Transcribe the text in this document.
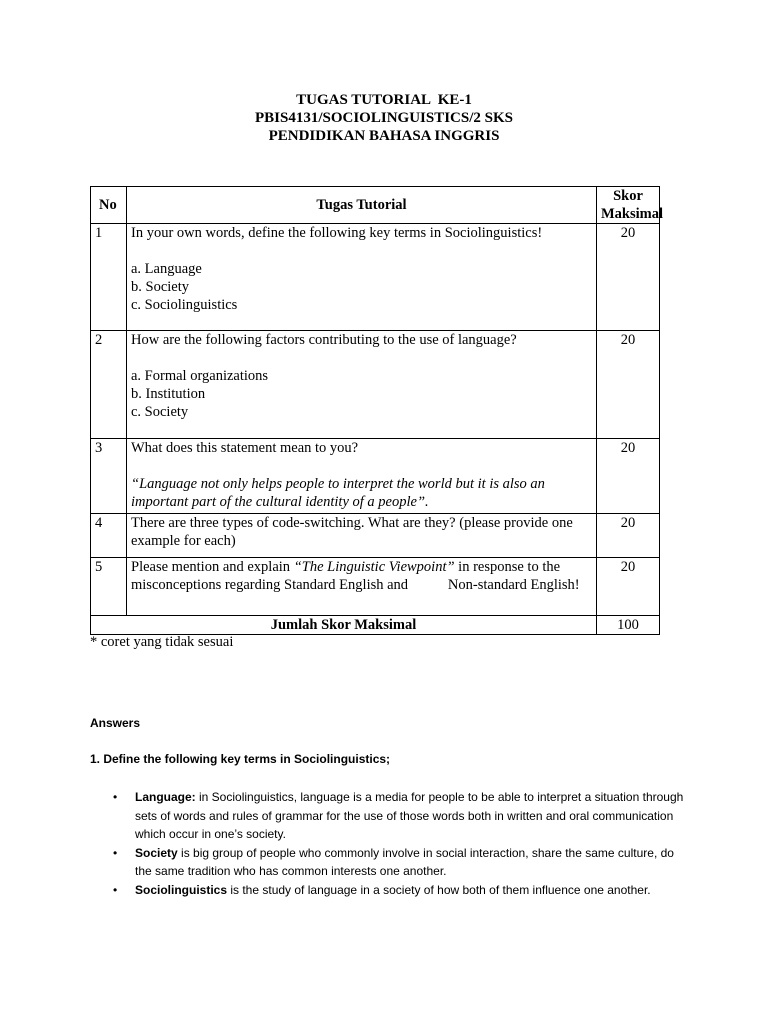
TUGAS TUTORIAL  KE-1
PBIS4131/SOCIOLINGUISTICS/2 SKS
PENDIDIKAN BAHASA INGGRIS
No	Tugas Tutorial	Skor
Maksimal

1	In your own words, define the following key terms in Sociolinguistics!
a. Language
b. Society
c. Sociolinguistics	20
2	How are the following factors contributing to the use of language?
a. Formal organizations
b. Institution
c. Society	20
3	What does this statement mean to you?
“Language not only helps people to interpret the world but it is also an important part of the cultural identity of a people”.	20
4	There are three types of code-switching. What are they? (please provide one example for each)	20
5	Please mention and explain “The Linguistic Viewpoint” in response to the misconceptions regarding Standard English and           Non-standard English!	20
Jumlah Skor Maksimal		100
* coret yang tidak sesuai

Answers

1. Define the following key terms in Sociolinguistics;

• Language: in Sociolinguistics, language is a media for people to be able to interpret a situation through sets of words and rules of grammar for the use of those words both in written and oral communication which occur in one’s society.
• Society is big group of people who commonly involve in social interaction, share the same culture, do the same tradition who has common interests one another.
• Sociolinguistics is the study of language in a society of how both of them influence one another.
